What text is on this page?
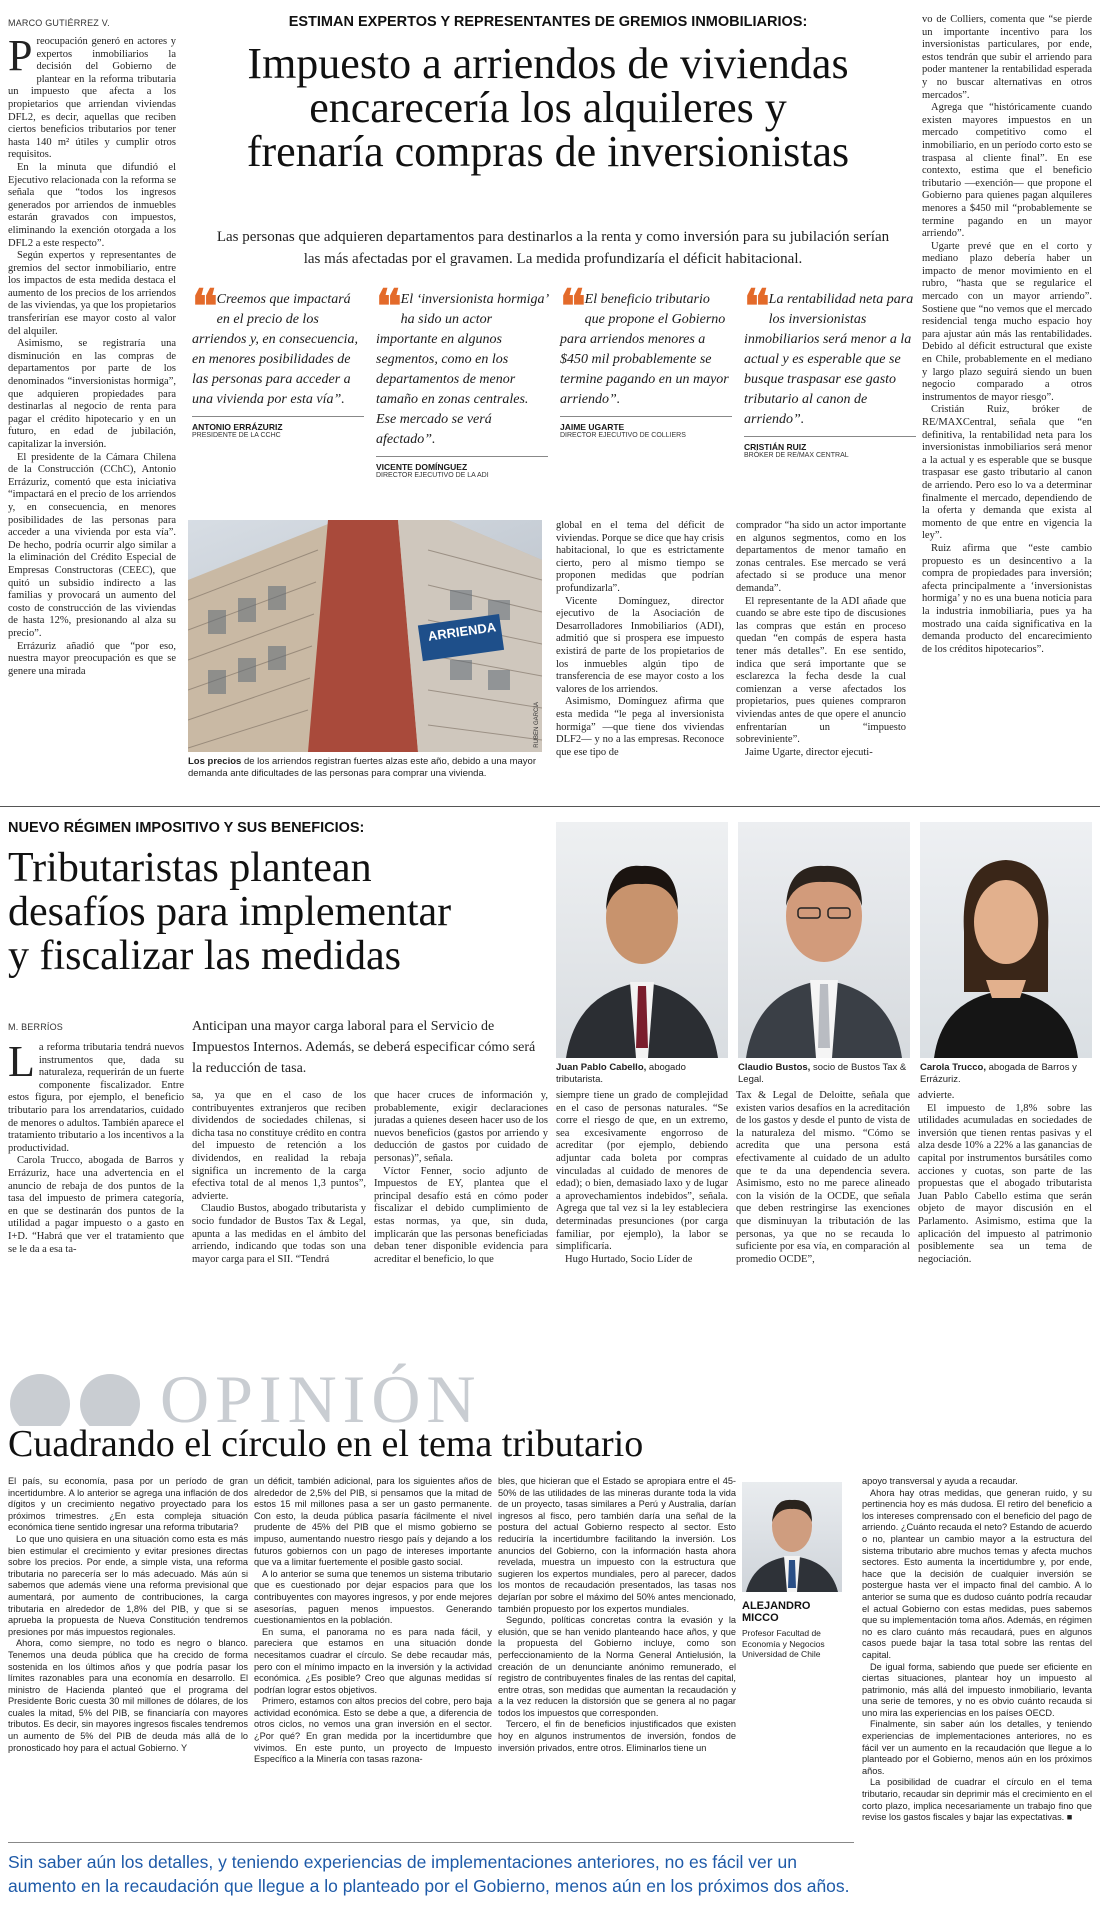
MARCO GUTIÉRREZ V.
P reocupación generó en actores y expertos inmobiliarios la decisión del Gobierno de plantear en la reforma tributaria un impuesto que afecta a los propietarios que arriendan viviendas DFL2, es decir, aquellas que reciben ciertos beneficios tributarios por tener hasta 140 m² útiles y cumplir otros requisitos.

En la minuta que difundió el Ejecutivo relacionada con la reforma se señala que “todos los ingresos generados por arriendos de inmuebles estarán gravados con impuestos, eliminando la exención otorgada a los DFL2 a este respecto”.

Según expertos y representantes de gremios del sector inmobiliario, entre los impactos de esta medida destaca el aumento de los precios de los arriendos de las viviendas, ya que los propietarios transferirían ese mayor costo al valor del alquiler.

Asimismo, se registraría una disminución en las compras de departamentos por parte de los denominados “inversionistas hormiga”, que adquieren propiedades para destinarlas al negocio de renta para pagar el crédito hipotecario y en un futuro, en edad de jubilación, capitalizar la inversión.

El presidente de la Cámara Chilena de la Construcción (CChC), Antonio Errázuriz, comentó que esta iniciativa “impactará en el precio de los arriendos y, en consecuencia, en menores posibilidades de las personas para acceder a una vivienda por esta vía”. De hecho, podría ocurrir algo similar a la eliminación del Crédito Especial de Empresas Constructoras (CEEC), que quitó un subsidio indirecto a las familias y provocará un aumento del costo de construcción de las viviendas de hasta 12%, presionando al alza su precio”.

Errázuriz añadió que “por eso, nuestra mayor preocupación es que se genere una mirada

ESTIMAN EXPERTOS Y REPRESENTANTES DE GREMIOS INMOBILIARIOS:
Impuesto a arriendos de viviendas
encarecería los alquileres y
frenaría compras de inversionistas
Las personas que adquieren departamentos para destinarlos a la renta y como inversión para su jubilación serían las más afectadas por el gravamen. La medida profundizaría el déficit habitacional.
❛❛ Creemos que impactará en el precio de los arriendos y, en consecuencia, en menores posibilidades de las personas para acceder a una vivienda por esta vía”.
ANTONIO ERRÁZURIZ
PRESIDENTE DE LA CCHC
❛❛ El ‘inversionista hormiga’ ha sido un actor importante en algunos segmentos, como en los departamentos de menor tamaño en zonas centrales. Ese mercado se verá afectado”.
VICENTE DOMÍNGUEZ
DIRECTOR EJECUTIVO DE LA ADI
❛❛ El beneficio tributario que propone el Gobierno para arriendos menores a $450 mil probablemente se termine pagando en un mayor arriendo”.
JAIME UGARTE
DIRECTOR EJECUTIVO DE COLLIERS
❛❛ La rentabilidad neta para los inversionistas inmobiliarios será menor a la actual y es esperable que se busque traspasar ese gasto tributario al canon de arriendo”.
CRISTIÁN RUIZ
BRÓKER DE RE/MAX CENTRAL
ARRIENDA
RUBÉN GARCÍA
Los precios de los arriendos registran fuertes alzas este año, debido a una mayor demanda ante dificultades de las personas para comprar una vivienda.

global en el tema del déficit de viviendas. Porque se dice que hay crisis habitacional, lo que es estrictamente cierto, pero al mismo tiempo se proponen medidas que podrían profundizarla”.

Vicente Domínguez, director ejecutivo de la Asociación de Desarrolladores Inmobiliarios (ADI), admitió que si prospera ese impuesto existirá de parte de los propietarios de los inmuebles algún tipo de transferencia de ese mayor costo a los valores de los arriendos.

Asimismo, Domínguez afirma que esta medida “le pega al inversionista hormiga” —que tiene dos viviendas DLF2— y no a las empresas. Reconoce que ese tipo de

comprador “ha sido un actor importante en algunos segmentos, como en los departamentos de menor tamaño en zonas centrales. Ese mercado se verá afectado si se produce una menor demanda”.

El representante de la ADI añade que cuando se abre este tipo de discusiones las compras que están en proceso quedan “en compás de espera hasta tener más detalles”. En ese sentido, indica que será importante que se esclarezca la fecha desde la cual comienzan a verse afectados los propietarios, pues quienes compraron viviendas antes de que opere el anuncio enfrentarían un “impuesto sobreviniente”.

Jaime Ugarte, director ejecuti-

vo de Colliers, comenta que “se pierde un importante incentivo para los inversionistas particulares, por ende, estos tendrán que subir el arriendo para poder mantener la rentabilidad esperada y no buscar alternativas en otros mercados”.

Agrega que “históricamente cuando existen mayores impuestos en un mercado competitivo como el inmobiliario, en un período corto esto se traspasa al cliente final”. En ese contexto, estima que el beneficio tributario —exención— que propone el Gobierno para quienes pagan alquileres menores a $450 mil “probablemente se termine pagando en un mayor arriendo”.

Ugarte prevé que en el corto y mediano plazo debería haber un impacto de menor movimiento en el rubro, “hasta que se regularice el mercado con un mayor arriendo”. Sostiene que “no vemos que el mercado residencial tenga mucho espacio hoy para ajustar aún más las rentabilidades. Debido al déficit estructural que existe en Chile, probablemente en el mediano y largo plazo seguirá siendo un buen negocio comparado a otros instrumentos de mayor riesgo”.

Cristián Ruiz, bróker de RE/MAXCentral, señala que “en definitiva, la rentabilidad neta para los inversionistas inmobiliarios será menor a la actual y es esperable que se busque traspasar ese gasto tributario al canon de arriendo. Pero eso lo va a determinar finalmente el mercado, dependiendo de la oferta y demanda que exista al momento de que entre en vigencia la ley”.

Ruiz afirma que “este cambio propuesto es un desincentivo a la compra de propiedades para inversión; afecta principalmente a ‘inversionistas hormiga’ y no es una buena noticia para la industria inmobiliaria, pues ya ha mostrado una caída significativa en la demanda producto del encarecimiento de los créditos hipotecarios”.

NUEVO RÉGIMEN IMPOSITIVO Y SUS BENEFICIOS:
Tributaristas plantean
desafíos para implementar
y fiscalizar las medidas
M. BERRÍOS	Anticipan una mayor carga laboral para el Servicio de Impuestos Internos. Además, se deberá especificar cómo será la reducción de tasa.
L a reforma tributaria tendrá nuevos instrumentos que, dada su naturaleza, requerirán de un fuerte componente fiscalizador. Entre estos figura, por ejemplo, el beneficio tributario para los arrendatarios, cuidado de menores o adultos. También aparece el tratamiento tributario a los incentivos a la productividad.

Carola Trucco, abogada de Barros y Errázuriz, hace una advertencia en el anuncio de rebaja de dos puntos de la tasa del impuesto de primera categoría, en que se destinarán dos puntos de la utilidad a pagar impuesto o a gasto en I+D. “Habrá que ver el tratamiento que se le da a esa ta-

sa, ya que en el caso de los contribuyentes extranjeros que reciben dividendos de sociedades chilenas, si dicha tasa no constituye crédito en contra del impuesto de retención a los dividendos, en realidad la rebaja significa un incremento de la carga efectiva total de al menos 1,3 puntos”, advierte.

Claudio Bustos, abogado tributarista y socio fundador de Bustos Tax & Legal, apunta a las medidas en el ámbito del arriendo, indicando que todas son una mayor carga para el SII. “Tendrá

que hacer cruces de información y, probablemente, exigir declaraciones juradas a quienes deseen hacer uso de los nuevos beneficios (gastos por arriendo y deducción de gastos por cuidado de personas)”, señala.

Víctor Fenner, socio adjunto de Impuestos de EY, plantea que el principal desafío está en cómo poder fiscalizar el debido cumplimiento de estas normas, ya que, sin duda, implicarán que las personas beneficiadas deban tener disponible evidencia para acreditar el beneficio, lo que

siempre tiene un grado de complejidad en el caso de personas naturales. “Se corre el riesgo de que, en un extremo, sea excesivamente engorroso de acreditar (por ejemplo, debiendo adjuntar cada boleta por compras vinculadas al cuidado de menores de edad); o bien, demasiado laxo y de lugar a aprovechamientos indebidos”, señala. Agrega que tal vez si la ley estableciera determinadas presunciones (por carga familiar, por ejemplo), la labor se simplificaría.

Hugo Hurtado, Socio Líder de

Tax & Legal de Deloitte, señala que existen varios desafíos en la acreditación de los gastos y desde el punto de vista de la naturaleza del mismo. “Cómo se acredita que una persona está efectivamente al cuidado de un adulto que te da una dependencia severa. Asimismo, esto no me parece alineado con la visión de la OCDE, que señala que deben restringirse las exenciones que disminuyan la tributación de las personas, ya que no se recauda lo suficiente por esa vía, en comparación al promedio OCDE”,

advierte.

El impuesto de 1,8% sobre las utilidades acumuladas en sociedades de inversión que tienen rentas pasivas y el alza desde 10% a 22% a las ganancias de capital por instrumentos bursátiles como acciones y cuotas, son parte de las propuestas que el abogado tributarista Juan Pablo Cabello estima que serán objeto de mayor discusión en el Parlamento. Asimismo, estima que la aplicación del impuesto al patrimonio posiblemente sea un tema de negociación.

Juan Pablo Cabello, abogado tributarista.
Claudio Bustos, socio de Bustos Tax & Legal.
Carola Trucco, abogada de Barros y Errázuriz.
OPINIÓN
Cuadrando el círculo en el tema tributario

El país, su economía, pasa por un período de gran incertidumbre. A lo anterior se agrega una inflación de dos dígitos y un crecimiento negativo proyectado para los próximos trimestres. ¿En esta compleja situación económica tiene sentido ingresar una reforma tributaria?

Lo que uno quisiera en una situación como esta es más bien estimular el crecimiento y evitar presiones directas sobre los precios. Por ende, a simple vista, una reforma tributaria no parecería ser lo más adecuado. Más aún si sabemos que además viene una reforma previsional que aumentará, por aumento de contribuciones, la carga tributaria en alrededor de 1,8% del PIB, y que si se aprueba la propuesta de Nueva Constitución tendremos presiones por más impuestos regionales.

Ahora, como siempre, no todo es negro o blanco. Tenemos una deuda pública que ha crecido de forma sostenida en los últimos años y que podría pasar los límites razonables para una economía en desarrollo. El ministro de Hacienda planteó que el programa del Presidente Boric cuesta 30 mil millones de dólares, de los cuales la mitad, 5% del PIB, se financiaría con mayores tributos. Es decir, sin mayores ingresos fiscales tendremos un aumento de 5% del PIB de deuda más allá de lo pronosticado hoy para el actual Gobierno. Y

un déficit, también adicional, para los siguientes años de alrededor de 2,5% del PIB, si pensamos que la mitad de estos 15 mil millones pasa a ser un gasto permanente. Con esto, la deuda pública pasaría fácilmente el nivel prudente de 45% del PIB que el mismo gobierno se impuso, aumentando nuestro riesgo país y dejando a los futuros gobiernos con un pago de intereses importante que va a limitar fuertemente el posible gasto social.

A lo anterior se suma que tenemos un sistema tributario que es cuestionado por dejar espacios para que los contribuyentes con mayores ingresos, y por ende mejores asesorías, paguen menos impuestos. Generando cuestionamientos en la población.

En suma, el panorama no es para nada fácil, y pareciera que estamos en una situación donde necesitamos cuadrar el círculo. Se debe recaudar más, pero con el mínimo impacto en la inversión y la actividad económica. ¿Es posible? Creo que algunas medidas sí podrían lograr estos objetivos.

Primero, estamos con altos precios del cobre, pero baja actividad económica. Esto se debe a que, a diferencia de otros ciclos, no vemos una gran inversión en el sector. ¿Por qué? En gran medida por la incertidumbre que vivimos. En este punto, un proyecto de Impuesto Específico a la Minería con tasas razona-

bles, que hicieran que el Estado se apropiara entre el 45-50% de las utilidades de las mineras durante toda la vida de un proyecto, tasas similares a Perú y Australia, darían ingresos al fisco, pero también daría una señal de la postura del actual Gobierno respecto al sector. Esto reduciría la incertidumbre facilitando la inversión. Los anuncios del Gobierno, con la información hasta ahora revelada, muestra un impuesto con la estructura que sugieren los expertos mundiales, pero al parecer, dados los montos de recaudación presentados, las tasas nos dejarían por sobre el máximo del 50% antes mencionado, también propuesto por los expertos mundiales.

Segundo, políticas concretas contra la evasión y la elusión, que se han venido planteando hace años, y que la propuesta del Gobierno incluye, como son perfeccionamiento de la Norma General Antielusión, la creación de un denunciante anónimo remunerado, el registro de contribuyentes finales de las rentas del capital, entre otras, son medidas que aumentan la recaudación y a la vez reducen la distorsión que se genera al no pagar todos los impuestos que corresponden.

Tercero, el fin de beneficios injustificados que existen hoy en algunos instrumentos de inversión, fondos de inversión privados, entre otros. Eliminarlos tiene un

ALEJANDRO
MICCO
Profesor Facultad de Economía y Negocios Universidad de Chile

apoyo transversal y ayuda a recaudar.

Ahora hay otras medidas, que generan ruido, y su pertinencia hoy es más dudosa. El retiro del beneficio a los intereses comprensado con el beneficio del pago de arriendo. ¿Cuánto recauda el neto? Estando de acuerdo o no, plantear un cambio mayor a la estructura del sistema tributario abre muchos temas y afecta muchos sectores. Esto aumenta la incertidumbre y, por ende, hace que la decisión de cualquier inversión se postergue hasta ver el impacto final del cambio. A lo anterior se suma que es dudoso cuánto podría recaudar el actual Gobierno con estas medidas, pues sabemos que su implementación toma años. Además, en régimen no es claro cuánto más recaudará, pues en algunos casos puede bajar la tasa total sobre las rentas del capital.

De igual forma, sabiendo que puede ser eficiente en ciertas situaciones, plantear hoy un impuesto al patrimonio, más allá del impuesto inmobiliario, levanta una serie de temores, y no es obvio cuánto recauda si uno mira las experiencias en los países OECD.

Finalmente, sin saber aún los detalles, y teniendo experiencias de implementaciones anteriores, no es fácil ver un aumento en la recaudación que llegue a lo planteado por el Gobierno, menos aún en los próximos años.

La posibilidad de cuadrar el círculo en el tema tributario, recaudar sin deprimir más el crecimiento en el corto plazo, implica necesariamente un trabajo fino que revise los gastos fiscales y bajar las expectativas. ■

Sin saber aún los detalles, y teniendo experiencias de implementaciones anteriores, no es fácil ver un aumento en la recaudación que llegue a lo planteado por el Gobierno, menos aún en los próximos dos años.
